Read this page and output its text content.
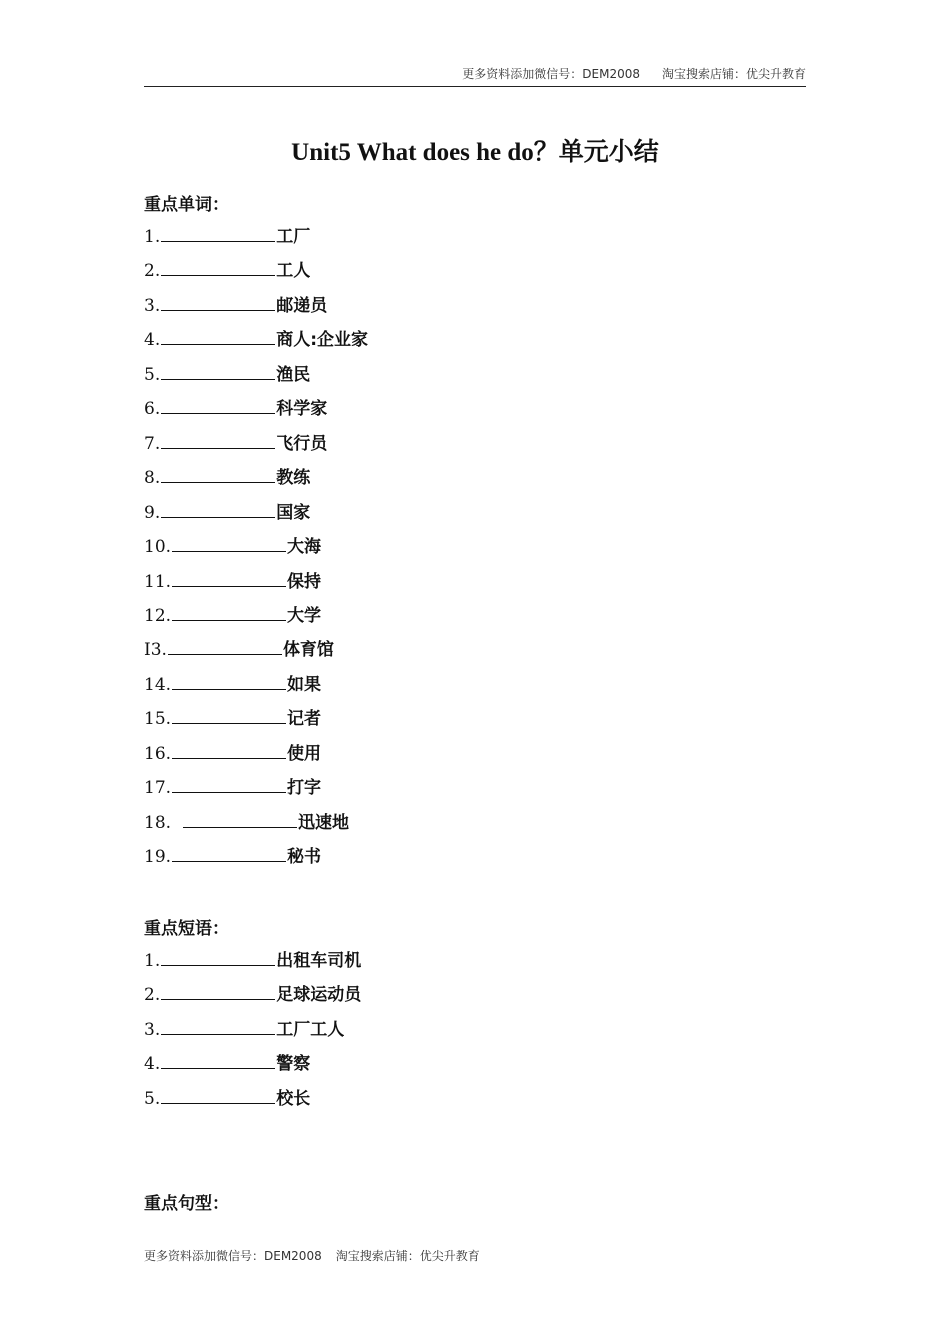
更多资料添加微信号：DEM2008 淘宝搜索店铺：优尖升教育
Unit5 What does he do？单元小结
重点单词：
1.	工厂
2.	工人
3.	邮递员
4.	商人:企业家
5.	渔民
6.	科学家
7.	飞行员
8.	教练
9.	国家
10.	大海
11.	保持
12.	大学
I3.	体育馆
14.	如果
15.	记者
16.	使用
17.	打字
18.	迅速地
19.	秘书
重点短语：
1.	出租车司机
2.	足球运动员
3.	工厂工人
4.	警察
5.	校长
重点句型：
更多资料添加微信号：DEM2008 淘宝搜索店铺：优尖升教育
